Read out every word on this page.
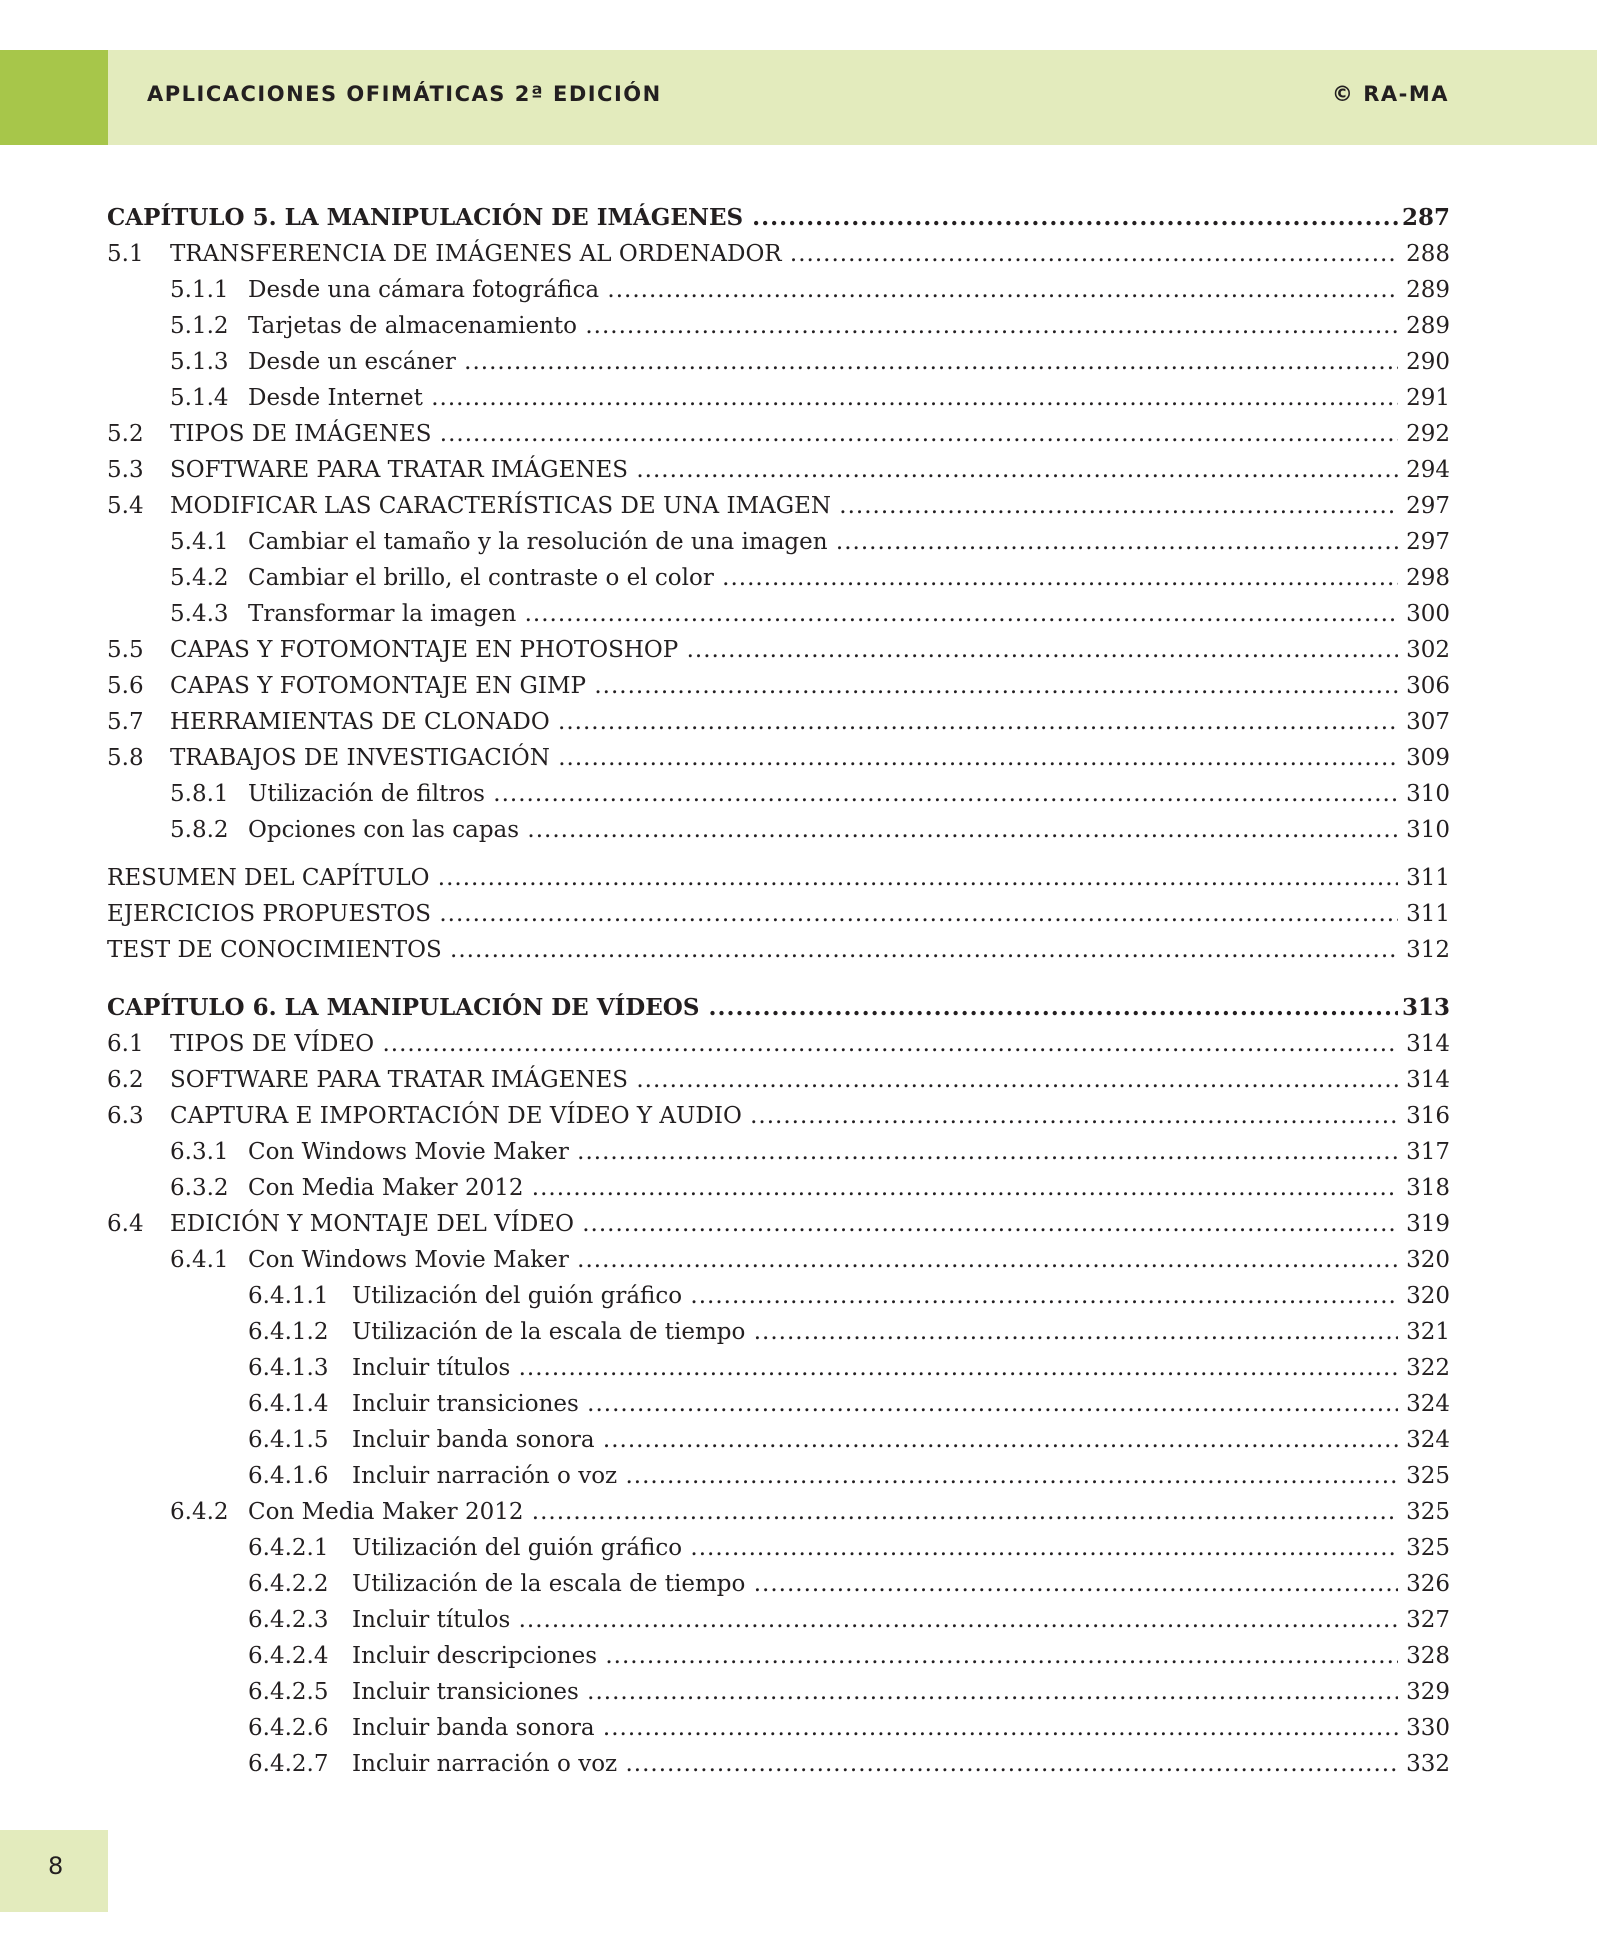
APLICACIONES OFIMÁTICAS 2ª EDICIÓN	© RA-MA
CAPÍTULO 5. LA MANIPULACIÓN DE IMÁGENES .....	287
5.1 TRANSFERENCIA DE IMÁGENES AL ORDENADOR .....	288
5.1.1 Desde una cámara fotográfica .....	289
5.1.2 Tarjetas de almacenamiento .....	289
5.1.3 Desde un escáner .....	290
5.1.4 Desde Internet .....	291
5.2 TIPOS DE IMÁGENES .....	292
5.3 SOFTWARE PARA TRATAR IMÁGENES .....	294
5.4 MODIFICAR LAS CARACTERÍSTICAS DE UNA IMAGEN .....	297
5.4.1 Cambiar el tamaño y la resolución de una imagen .....	297
5.4.2 Cambiar el brillo, el contraste o el color .....	298
5.4.3 Transformar la imagen .....	300
5.5 CAPAS Y FOTOMONTAJE EN PHOTOSHOP .....	302
5.6 CAPAS Y FOTOMONTAJE EN GIMP .....	306
5.7 HERRAMIENTAS DE CLONADO .....	307
5.8 TRABAJOS DE INVESTIGACIÓN .....	309
5.8.1 Utilización de filtros .....	310
5.8.2 Opciones con las capas .....	310
RESUMEN DEL CAPÍTULO .....	311
EJERCICIOS PROPUESTOS .....	311
TEST DE CONOCIMIENTOS .....	312
CAPÍTULO 6. LA MANIPULACIÓN DE VÍDEOS .....	313
6.1 TIPOS DE VÍDEO .....	314
6.2 SOFTWARE PARA TRATAR IMÁGENES .....	314
6.3 CAPTURA E IMPORTACIÓN DE VÍDEO Y AUDIO .....	316
6.3.1 Con Windows Movie Maker .....	317
6.3.2 Con Media Maker 2012 .....	318
6.4 EDICIÓN Y MONTAJE DEL VÍDEO .....	319
6.4.1 Con Windows Movie Maker .....	320
6.4.1.1 Utilización del guión gráfico .....	320
6.4.1.2 Utilización de la escala de tiempo .....	321
6.4.1.3 Incluir títulos .....	322
6.4.1.4 Incluir transiciones .....	324
6.4.1.5 Incluir banda sonora .....	324
6.4.1.6 Incluir narración o voz .....	325
6.4.2 Con Media Maker 2012 .....	325
6.4.2.1 Utilización del guión gráfico .....	325
6.4.2.2 Utilización de la escala de tiempo .....	326
6.4.2.3 Incluir títulos .....	327
6.4.2.4 Incluir descripciones .....	328
6.4.2.5 Incluir transiciones .....	329
6.4.2.6 Incluir banda sonora .....	330
6.4.2.7 Incluir narración o voz .....	332
8
